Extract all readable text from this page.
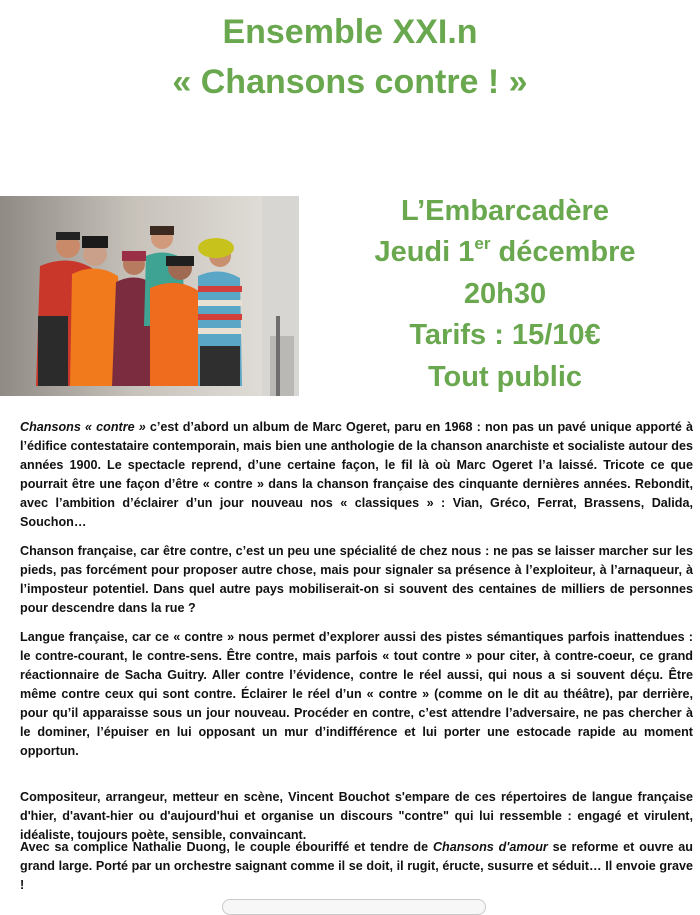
Ensemble XXI.n
« Chansons contre ! »
L’Embarcadère
Jeudi 1er décembre
20h30
Tarifs : 15/10€
Tout public

Chansons « contre » c’est d’abord un album de Marc Ogeret, paru en 1968 : non pas un pavé unique apporté à l’édifice contestataire contemporain, mais bien une anthologie de la chanson anarchiste et socialiste autour des années 1900. Le spectacle reprend, d’une certaine façon, le fil là où Marc Ogeret l’a laissé. Tricote ce que pourrait être une façon d’être « contre » dans la chanson française des cinquante dernières années. Rebondit, avec l’ambition d’éclairer d’un jour nouveau nos « classiques » : Vian, Gréco, Ferrat, Brassens, Dalida, Souchon…

Chanson française, car être contre, c’est un peu une spécialité de chez nous : ne pas se laisser marcher sur les pieds, pas forcément pour proposer autre chose, mais pour signaler sa présence à l’exploiteur, à l’arnaqueur, à l’imposteur potentiel. Dans quel autre pays mobiliserait-on si souvent des centaines de milliers de personnes pour descendre dans la rue ?

Langue française, car ce « contre » nous permet d’explorer aussi des pistes sémantiques parfois inattendues : le contre-courant, le contre-sens. Être contre, mais parfois « tout contre » pour citer, à contre-coeur, ce grand réactionnaire de Sacha Guitry. Aller contre l’évidence, contre le réel aussi, qui nous a si souvent déçu. Être même contre ceux qui sont contre. Éclairer le réel d’un « contre » (comme on le dit au théâtre), par derrière, pour qu’il apparaisse sous un jour nouveau. Procéder en contre, c’est attendre l’adversaire, ne pas chercher à le dominer, l’épuiser en lui opposant un mur d’indifférence et lui porter une estocade rapide au moment opportun.

Compositeur, arrangeur, metteur en scène, Vincent Bouchot s'empare de ces répertoires de langue française d'hier, d'avant-hier ou d'aujourd'hui et organise un discours "contre" qui lui ressemble : engagé et virulent, idéaliste, toujours poète, sensible, convaincant.

Avec sa complice Nathalie Duong, le couple ébouriffé et tendre de Chansons d'amour se reforme et ouvre au grand large. Porté par un orchestre saignant comme il se doit, il rugit, éructe, susurre et séduit… Il envoie grave !
